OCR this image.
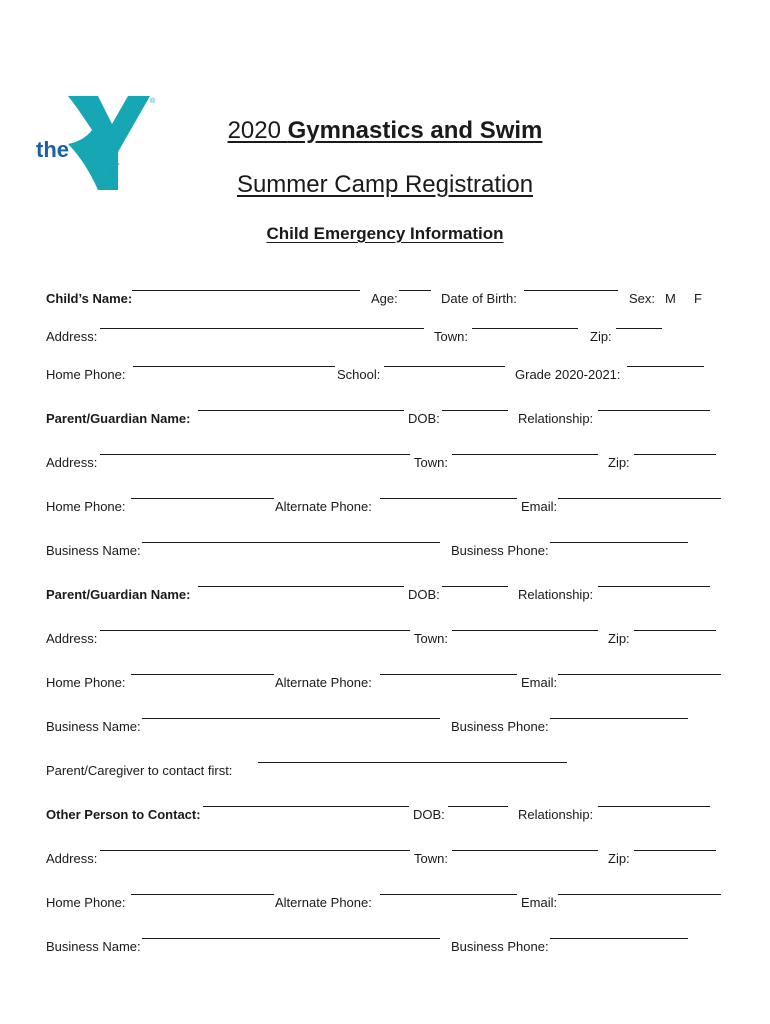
the
YMCA
®
2020 Gymnastics and Swim
Summer Camp Registration
Child Emergency Information
Child’s Name:	Age:	Date of Birth:	Sex: M F
Address:	Town:	Zip:
Home Phone:	School:	Grade 2020-2021:
Parent/Guardian Name:	DOB:	Relationship:
Address:	Town:	Zip:
Home Phone:	Alternate Phone:	Email:
Business Name:	Business Phone:
Parent/Guardian Name:	DOB:	Relationship:
Address:	Town:	Zip:
Home Phone:	Alternate Phone:	Email:
Business Name:	Business Phone:
Parent/Caregiver to contact first:
Other Person to Contact:	DOB:	Relationship:
Address:	Town:	Zip:
Home Phone:	Alternate Phone:	Email:
Business Name:	Business Phone:
